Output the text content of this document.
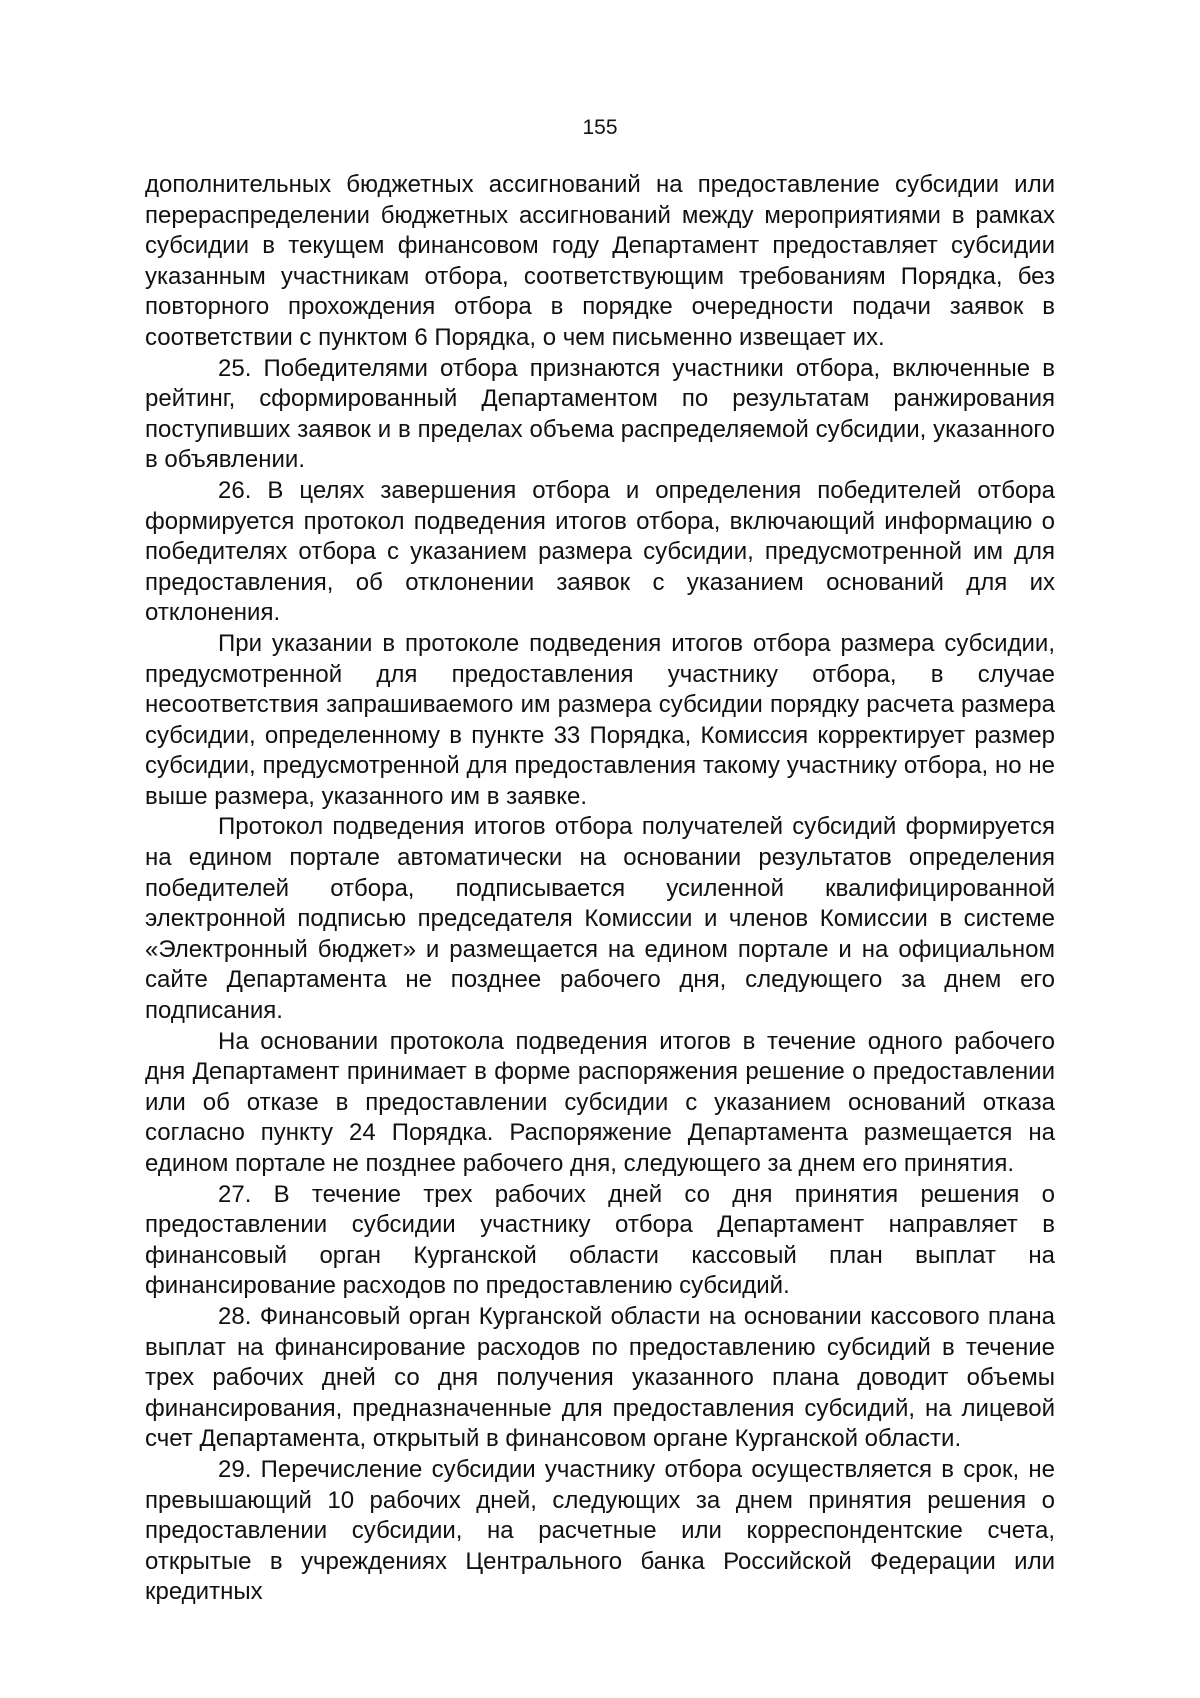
155

дополнительных бюджетных ассигнований на предоставление субсидии или перераспределении бюджетных ассигнований между мероприятиями в рамках субсидии в текущем финансовом году Департамент предоставляет субсидии указанным участникам отбора, соответствующим требованиям Порядка, без повторного прохождения отбора в порядке очередности подачи заявок в соответствии с пунктом 6 Порядка, о чем письменно извещает их.

25. Победителями отбора признаются участники отбора, включенные в рейтинг, сформированный Департаментом по результатам ранжирования поступивших заявок и в пределах объема распределяемой субсидии, указанного в объявлении.

26. В целях завершения отбора и определения победителей отбора формируется протокол подведения итогов отбора, включающий информацию о победителях отбора с указанием размера субсидии, предусмотренной им для предоставления, об отклонении заявок с указанием оснований для их отклонения.

При указании в протоколе подведения итогов отбора размера субсидии, предусмотренной для предоставления участнику отбора, в случае несоответствия запрашиваемого им размера субсидии порядку расчета размера субсидии, определенному в пункте 33 Порядка, Комиссия корректирует размер субсидии, предусмотренной для предоставления такому участнику отбора, но не выше размера, указанного им в заявке.

Протокол подведения итогов отбора получателей субсидий формируется на едином портале автоматически на основании результатов определения победителей отбора, подписывается усиленной квалифицированной электронной подписью председателя Комиссии и членов Комиссии в системе «Электронный бюджет» и размещается на едином портале и на официальном сайте Департамента не позднее рабочего дня, следующего за днем его подписания.

На основании протокола подведения итогов в течение одного рабочего дня Департамент принимает в форме распоряжения решение о предоставлении или об отказе в предоставлении субсидии с указанием оснований отказа согласно пункту 24 Порядка. Распоряжение Департамента размещается на едином портале не позднее рабочего дня, следующего за днем его принятия.

27. В течение трех рабочих дней со дня принятия решения о предоставлении субсидии участнику отбора Департамент направляет в финансовый орган Курганской области кассовый план выплат на финансирование расходов по предоставлению субсидий.

28. Финансовый орган Курганской области на основании кассового плана выплат на финансирование расходов по предоставлению субсидий в течение трех рабочих дней со дня получения указанного плана доводит объемы финансирования, предназначенные для предоставления субсидий, на лицевой счет Департамента, открытый в финансовом органе Курганской области.

29. Перечисление субсидии участнику отбора осуществляется в срок, не превышающий 10 рабочих дней, следующих за днем принятия решения о предоставлении субсидии, на расчетные или корреспондентские счета, открытые в учреждениях Центрального банка Российской Федерации или кредитных
